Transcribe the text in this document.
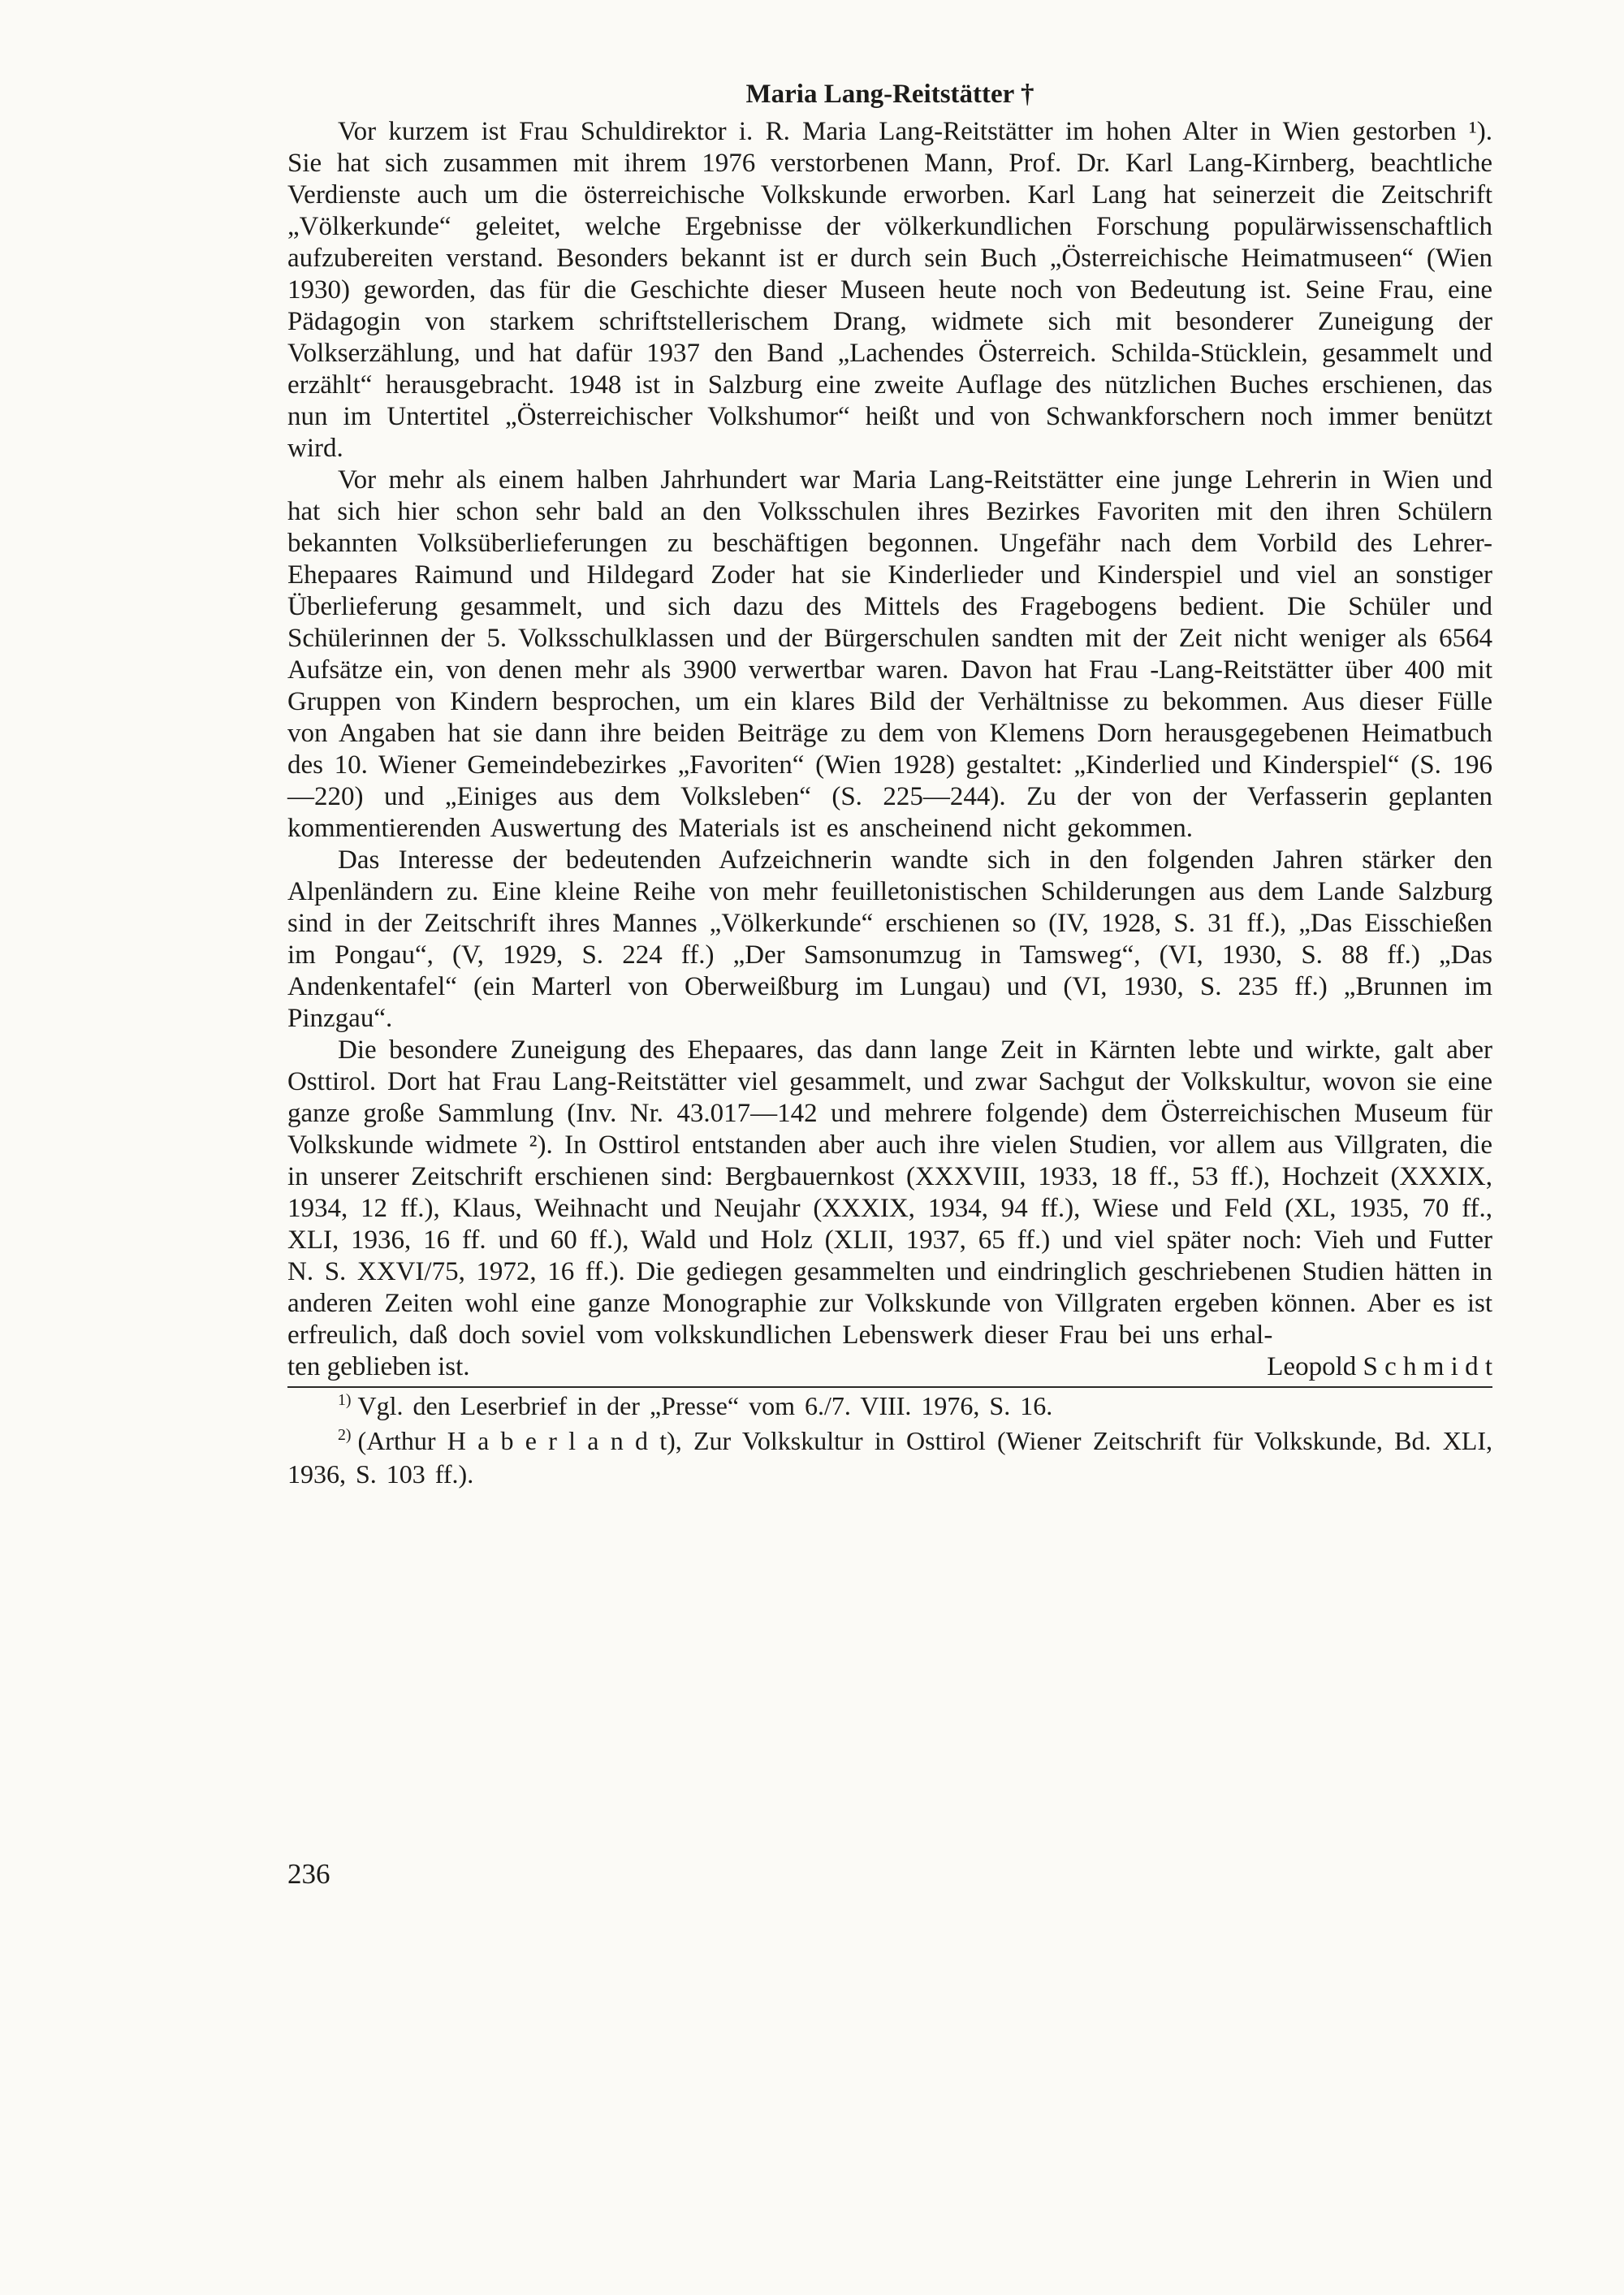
Maria Lang-Reitstätter †

Vor kurzem ist Frau Schuldirektor i. R. Maria Lang-Reitstätter im hohen Alter in Wien gestorben ¹). Sie hat sich zusammen mit ihrem 1976 verstorbenen Mann, Prof. Dr. Karl Lang-Kirnberg, beachtliche Verdienste auch um die österreichische Volkskunde erworben. Karl Lang hat seinerzeit die Zeitschrift „Völkerkunde“ geleitet, welche Ergebnisse der völkerkundlichen Forschung populärwissenschaftlich aufzubereiten verstand. Besonders bekannt ist er durch sein Buch „Österreichische Heimatmuseen“ (Wien 1930) geworden, das für die Geschichte dieser Museen heute noch von Bedeutung ist. Seine Frau, eine Pädagogin von starkem schriftstellerischem Drang, widmete sich mit besonderer Zuneigung der Volkserzählung, und hat dafür 1937 den Band „Lachendes Österreich. Schilda-Stücklein, gesammelt und erzählt“ herausgebracht. 1948 ist in Salzburg eine zweite Auflage des nützlichen Buches erschienen, das nun im Untertitel „Österreichischer Volkshumor“ heißt und von Schwankforschern noch immer benützt wird.

Vor mehr als einem halben Jahrhundert war Maria Lang-Reitstätter eine junge Lehrerin in Wien und hat sich hier schon sehr bald an den Volksschulen ihres Bezirkes Favoriten mit den ihren Schülern bekannten Volksüberlieferungen zu beschäftigen begonnen. Ungefähr nach dem Vorbild des Lehrer-Ehepaares Raimund und Hildegard Zoder hat sie Kinderlieder und Kinderspiel und viel an sonstiger Überlieferung gesammelt, und sich dazu des Mittels des Fragebogens bedient. Die Schüler und Schülerinnen der 5. Volksschulklassen und der Bürgerschulen sandten mit der Zeit nicht weniger als 6564 Aufsätze ein, von denen mehr als 3900 verwertbar waren. Davon hat Frau -Lang-Reitstätter über 400 mit Gruppen von Kindern besprochen, um ein klares Bild der Verhältnisse zu bekommen. Aus dieser Fülle von Angaben hat sie dann ihre beiden Beiträge zu dem von Klemens Dorn herausgegebenen Heimatbuch des 10. Wiener Gemeindebezirkes „Favoriten“ (Wien 1928) gestaltet: „Kinderlied und Kinderspiel“ (S. 196—220) und „Einiges aus dem Volksleben“ (S. 225—244). Zu der von der Verfasserin geplanten kommentierenden Auswertung des Materials ist es anscheinend nicht gekommen.

Das Interesse der bedeutenden Aufzeichnerin wandte sich in den folgenden Jahren stärker den Alpenländern zu. Eine kleine Reihe von mehr feuilletonistischen Schilderungen aus dem Lande Salzburg sind in der Zeitschrift ihres Mannes „Völkerkunde“ erschienen so (IV, 1928, S. 31 ff.), „Das Eisschießen im Pongau“, (V, 1929, S. 224 ff.) „Der Samsonumzug in Tamsweg“, (VI, 1930, S. 88 ff.) „Das Andenkentafel“ (ein Marterl von Oberweißburg im Lungau) und (VI, 1930, S. 235 ff.) „Brunnen im Pinzgau“.

Die besondere Zuneigung des Ehepaares, das dann lange Zeit in Kärnten lebte und wirkte, galt aber Osttirol. Dort hat Frau Lang-Reitstätter viel gesammelt, und zwar Sachgut der Volkskultur, wovon sie eine ganze große Sammlung (Inv. Nr. 43.017—142 und mehrere folgende) dem Österreichischen Museum für Volkskunde widmete ²). In Osttirol entstanden aber auch ihre vielen Studien, vor allem aus Villgraten, die in unserer Zeitschrift erschienen sind: Bergbauernkost (XXXVIII, 1933, 18 ff., 53 ff.), Hochzeit (XXXIX, 1934, 12 ff.), Klaus, Weihnacht und Neujahr (XXXIX, 1934, 94 ff.), Wiese und Feld (XL, 1935, 70 ff., XLI, 1936, 16 ff. und 60 ff.), Wald und Holz (XLII, 1937, 65 ff.) und viel später noch: Vieh und Futter N. S. XXVI/75, 1972, 16 ff.). Die gediegen gesammelten und eindringlich geschriebenen Studien hätten in anderen Zeiten wohl eine ganze Monographie zur Volkskunde von Villgraten ergeben können. Aber es ist erfreulich, daß doch soviel vom volkskundlichen Lebenswerk dieser Frau bei uns erhal-

ten geblieben ist.	Leopold S c h m i d t

$^{1)}$ Vgl. den Leserbrief in der „Presse“ vom 6./7. VIII. 1976, S. 16.

$^{2)}$ (Arthur H a b e r l a n d t), Zur Volkskultur in Osttirol (Wiener Zeitschrift für Volkskunde, Bd. XLI, 1936, S. 103 ff.).

236
